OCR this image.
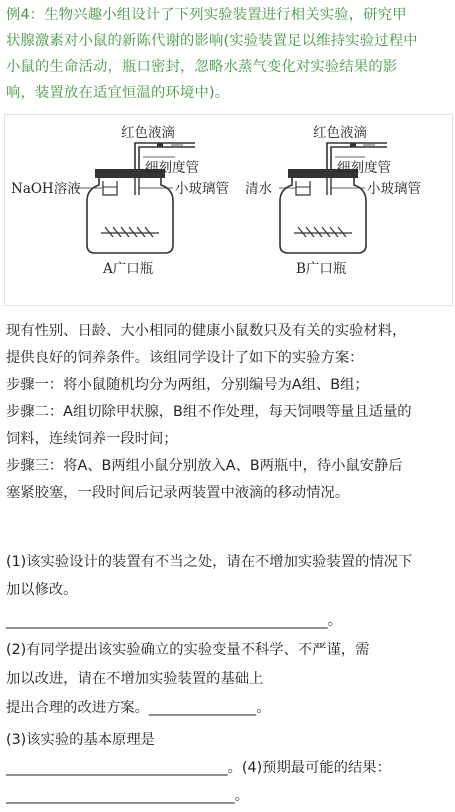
例4：生物兴趣小组设计了下列实验装置进行相关实验，研究甲
状腺激素对小鼠的新陈代谢的影响(实验装置足以维持实验过程中
小鼠的生命活动，瓶口密封，忽略水蒸气变化对实验结果的影
响，装置放在适宜恒温的环境中)。
红色液滴
细刻度管
小玻璃管
NaOH溶液
A广口瓶
红色液滴
细刻度管
小玻璃管
清水
B广口瓶
现有性别、日龄、大小相同的健康小鼠数只及有关的实验材料，
提供良好的饲养条件。该组同学设计了如下的实验方案：
步骤一：将小鼠随机均分为两组，分别编号为A组、B组；
步骤二：A组切除甲状腺，B组不作处理，每天饲喂等量且适量的
饲料，连续饲养一段时间；
步骤三：将A、B两组小鼠分别放入A、B两瓶中，待小鼠安静后
塞紧胶塞，一段时间后记录两装置中液滴的移动情况。
(1)该实验设计的装置有不当之处，请在不增加实验装置的情况下
加以修改。
_____________________________________________。
(2)有同学提出该实验确立的实验变量不科学、不严谨，需
加以改进，请在不增加实验装置的基础上
提出合理的改进方案。_______________。
(3)该实验的基本原理是
_______________________________。(4)预期最可能的结果：
________________________________。
